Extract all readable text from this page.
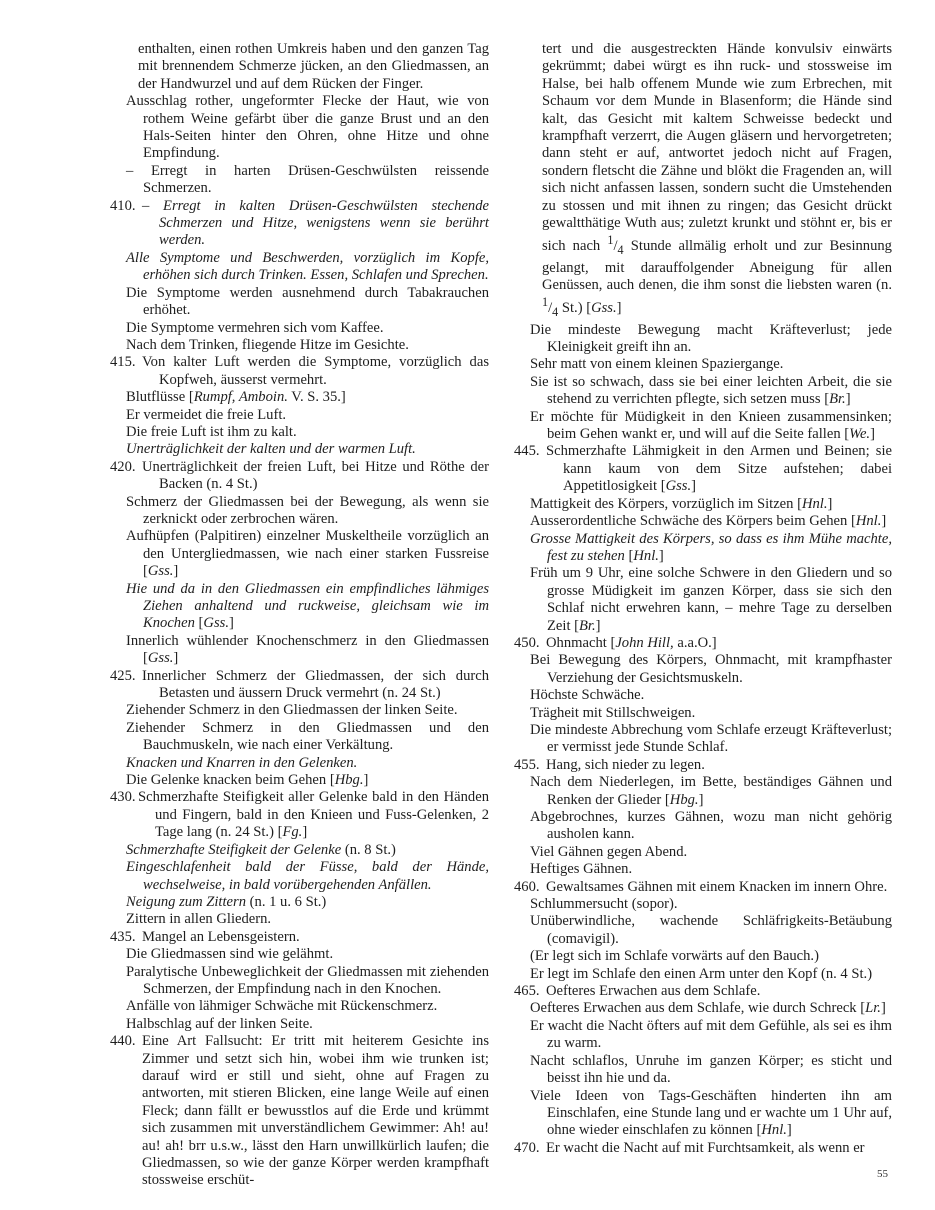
enthalten, einen rothen Umkreis haben und den ganzen Tag mit brennendem Schmerze jücken, an den Gliedmassen, an der Handwurzel und auf dem Rücken der Finger.
Ausschlag rother, ungeformter Flecke der Haut, wie von rothem Weine gefärbt über die ganze Brust und an den Hals-Seiten hinter den Ohren, ohne Hitze und ohne Empfindung.
– Erregt in harten Drüsen-Geschwülsten reissende Schmerzen.
410. – Erregt in kalten Drüsen-Geschwülsten stechende Schmerzen und Hitze, wenigstens wenn sie berührt werden.
Alle Symptome und Beschwerden, vorzüglich im Kopfe, erhöhen sich durch Trinken. Essen, Schlafen und Sprechen.
Die Symptome werden ausnehmend durch Tabakrauchen erhöhet.
Die Symptome vermehren sich vom Kaffee.
Nach dem Trinken, fliegende Hitze im Gesichte.
415. Von kalter Luft werden die Symptome, vorzüglich das Kopfweh, äusserst vermehrt.
Blutflüsse [Rumpf, Amboin. V. S. 35.]
Er vermeidet die freie Luft.
Die freie Luft ist ihm zu kalt.
Unerträglichkeit der kalten und der warmen Luft.
420. Unerträglichkeit der freien Luft, bei Hitze und Röthe der Backen (n. 4 St.)
Schmerz der Gliedmassen bei der Bewegung, als wenn sie zerknickt oder zerbrochen wären.
Aufhüpfen (Palpitiren) einzelner Muskeltheile vorzüglich an den Untergliedmassen, wie nach einer starken Fussreise [Gss.]
Hie und da in den Gliedmassen ein empfindliches lähmiges Ziehen anhaltend und ruckweise, gleichsam wie im Knochen [Gss.]
Innerlich wühlender Knochenschmerz in den Gliedmassen [Gss.]
425. Innerlicher Schmerz der Gliedmassen, der sich durch Betasten und äussern Druck vermehrt (n. 24 St.)
Ziehender Schmerz in den Gliedmassen der linken Seite.
Ziehender Schmerz in den Gliedmassen und den Bauchmuskeln, wie nach einer Verkältung.
Knacken und Knarren in den Gelenken.
Die Gelenke knacken beim Gehen [Hbg.]
430. Schmerzhafte Steifigkeit aller Gelenke bald in den Händen und Fingern, bald in den Knieen und Fuss-Gelenken, 2 Tage lang (n. 24 St.) [Fg.]
Schmerzhafte Steifigkeit der Gelenke (n. 8 St.)
Eingeschlafenheit bald der Füsse, bald der Hände, wechselweise, in bald vorübergehenden Anfällen.
Neigung zum Zittern (n. 1 u. 6 St.)
Zittern in allen Gliedern.
435. Mangel an Lebensgeistern.
Die Gliedmassen sind wie gelähmt.
Paralytische Unbeweglichkeit der Gliedmassen mit ziehenden Schmerzen, der Empfindung nach in den Knochen.
Anfälle von lähmiger Schwäche mit Rückenschmerz.
Halbschlag auf der linken Seite.
440. Eine Art Fallsucht: Er tritt mit heiterem Gesichte ins Zimmer und setzt sich hin, wobei ihm wie trunken ist; darauf wird er still und sieht, ohne auf Fragen zu antworten, mit stieren Blicken, eine lange Weile auf einen Fleck; dann fällt er bewusstlos auf die Erde und krümmt sich zusammen mit unverständlichem Gewimmer: Ah! au! au! ah! brr u.s.w., lässt den Harn unwillkürlich laufen; die Gliedmassen, so wie der ganze Körper werden krampfhaft stossweise erschüt-
tert und die ausgestreckten Hände konvulsiv einwärts gekrümmt; dabei würgt es ihn ruck- und stossweise im Halse, bei halb offenem Munde wie zum Erbrechen, mit Schaum vor dem Munde in Blasenform; die Hände sind kalt, das Gesicht mit kaltem Schweisse bedeckt und krampfhaft verzerrt, die Augen gläsern und hervorgetreten; dann steht er auf, antwortet jedoch nicht auf Fragen, sondern fletscht die Zähne und blökt die Fragenden an, will sich nicht anfassen lassen, sondern sucht die Umstehenden zu stossen und mit ihnen zu ringen; das Gesicht drückt gewaltthätige Wuth aus; zuletzt krunkt und stöhnt er, bis er sich nach $^1/_4$ Stunde allmälig erholt und zur Besinnung gelangt, mit darauffolgender Abneigung für allen Genüssen, auch denen, die ihm sonst die liebsten waren (n. $^1/_4$ St.) [Gss.]
Die mindeste Bewegung macht Kräfteverlust; jede Kleinigkeit greift ihn an.
Sehr matt von einem kleinen Spaziergange.
Sie ist so schwach, dass sie bei einer leichten Arbeit, die sie stehend zu verrichten pflegte, sich setzen muss [Br.]
Er möchte für Müdigkeit in den Knieen zusammensinken; beim Gehen wankt er, und will auf die Seite fallen [We.]
445. Schmerzhafte Lähmigkeit in den Armen und Beinen; sie kann kaum von dem Sitze aufstehen; dabei Appetitlosigkeit [Gss.]
Mattigkeit des Körpers, vorzüglich im Sitzen [Hnl.]
Ausserordentliche Schwäche des Körpers beim Gehen [Hnl.]
Grosse Mattigkeit des Körpers, so dass es ihm Mühe machte, fest zu stehen [Hnl.]
Früh um 9 Uhr, eine solche Schwere in den Gliedern und so grosse Müdigkeit im ganzen Körper, dass sie sich den Schlaf nicht erwehren kann, – mehre Tage zu derselben Zeit [Br.]
450. Ohnmacht [John Hill, a.a.O.]
Bei Bewegung des Körpers, Ohnmacht, mit krampfhaster Verziehung der Gesichtsmuskeln.
Höchste Schwäche.
Trägheit mit Stillschweigen.
Die mindeste Abbrechung vom Schlafe erzeugt Kräfteverlust; er vermisst jede Stunde Schlaf.
455. Hang, sich nieder zu legen.
Nach dem Niederlegen, im Bette, beständiges Gähnen und Renken der Glieder [Hbg.]
Abgebrochnes, kurzes Gähnen, wozu man nicht gehörig ausholen kann.
Viel Gähnen gegen Abend.
Heftiges Gähnen.
460. Gewaltsames Gähnen mit einem Knacken im innern Ohre.
Schlummersucht (sopor).
Unüberwindliche, wachende Schläfrigkeits-Betäubung (comavigil).
(Er legt sich im Schlafe vorwärts auf den Bauch.)
Er legt im Schlafe den einen Arm unter den Kopf (n. 4 St.)
465. Oefteres Erwachen aus dem Schlafe.
Oefteres Erwachen aus dem Schlafe, wie durch Schreck [Lr.]
Er wacht die Nacht öfters auf mit dem Gefühle, als sei es ihm zu warm.
Nacht schlaflos, Unruhe im ganzen Körper; es sticht und beisst ihn hie und da.
Viele Ideen von Tags-Geschäften hinderten ihn am Einschlafen, eine Stunde lang und er wachte um 1 Uhr auf, ohne wieder einschlafen zu können [Hnl.]
470. Er wacht die Nacht auf mit Furchtsamkeit, als wenn er
55
